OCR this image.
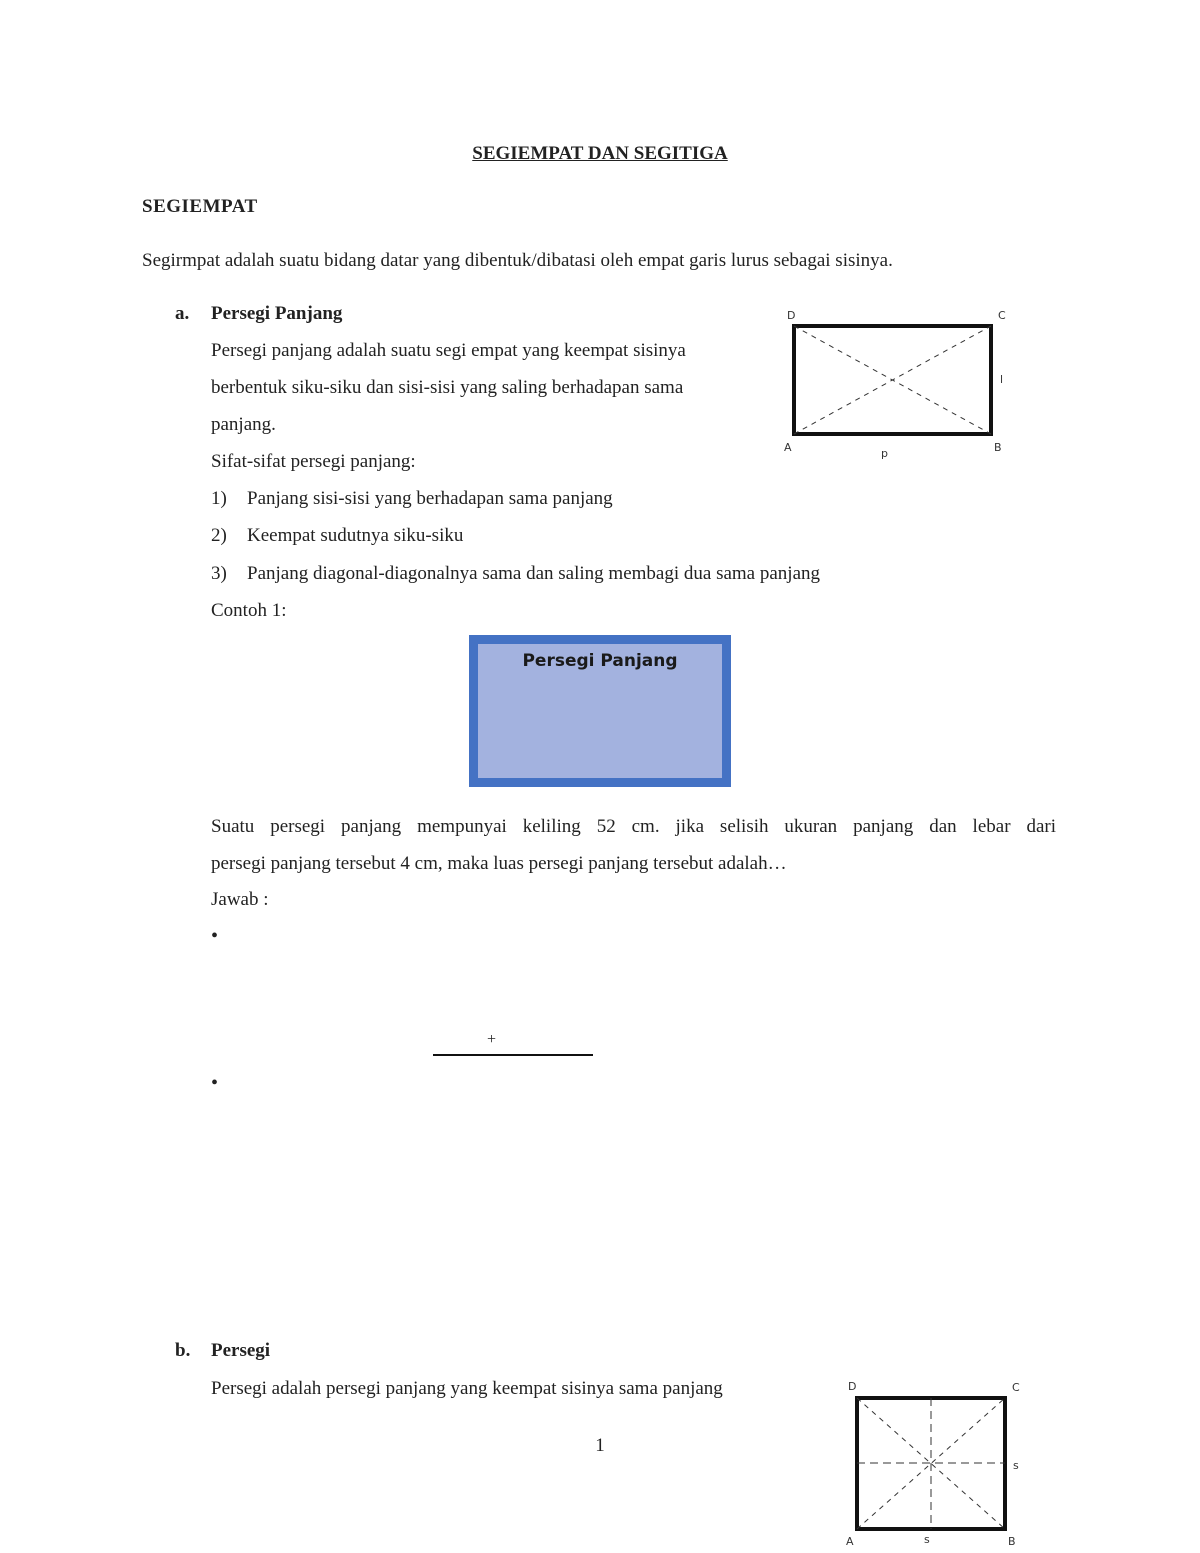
SEGIEMPAT DAN SEGITIGA
SEGIEMPAT
Segirmpat adalah suatu bidang datar yang dibentuk/dibatasi oleh empat garis lurus sebagai sisinya.
a. Persegi Panjang
Persegi panjang adalah suatu segi empat yang keempat sisinya
berbentuk siku-siku dan sisi-sisi yang saling berhadapan sama
panjang.
Sifat-sifat persegi panjang:
1) Panjang sisi-sisi yang berhadapan sama panjang
2) Keempat sudutnya siku-siku
3) Panjang diagonal-diagonalnya sama dan saling membagi dua sama panjang
Contoh 1:
D	C
A	B
p
l
Persegi Panjang
Suatu persegi panjang mempunyai keliling 52 cm. jika selisih ukuran panjang dan lebar dari
persegi panjang tersebut 4 cm, maka luas persegi panjang tersebut adalah…
Jawab :
•
+
•
b. Persegi
Persegi adalah persegi panjang yang keempat sisinya sama panjang	D	C
A	B
s
s
1
